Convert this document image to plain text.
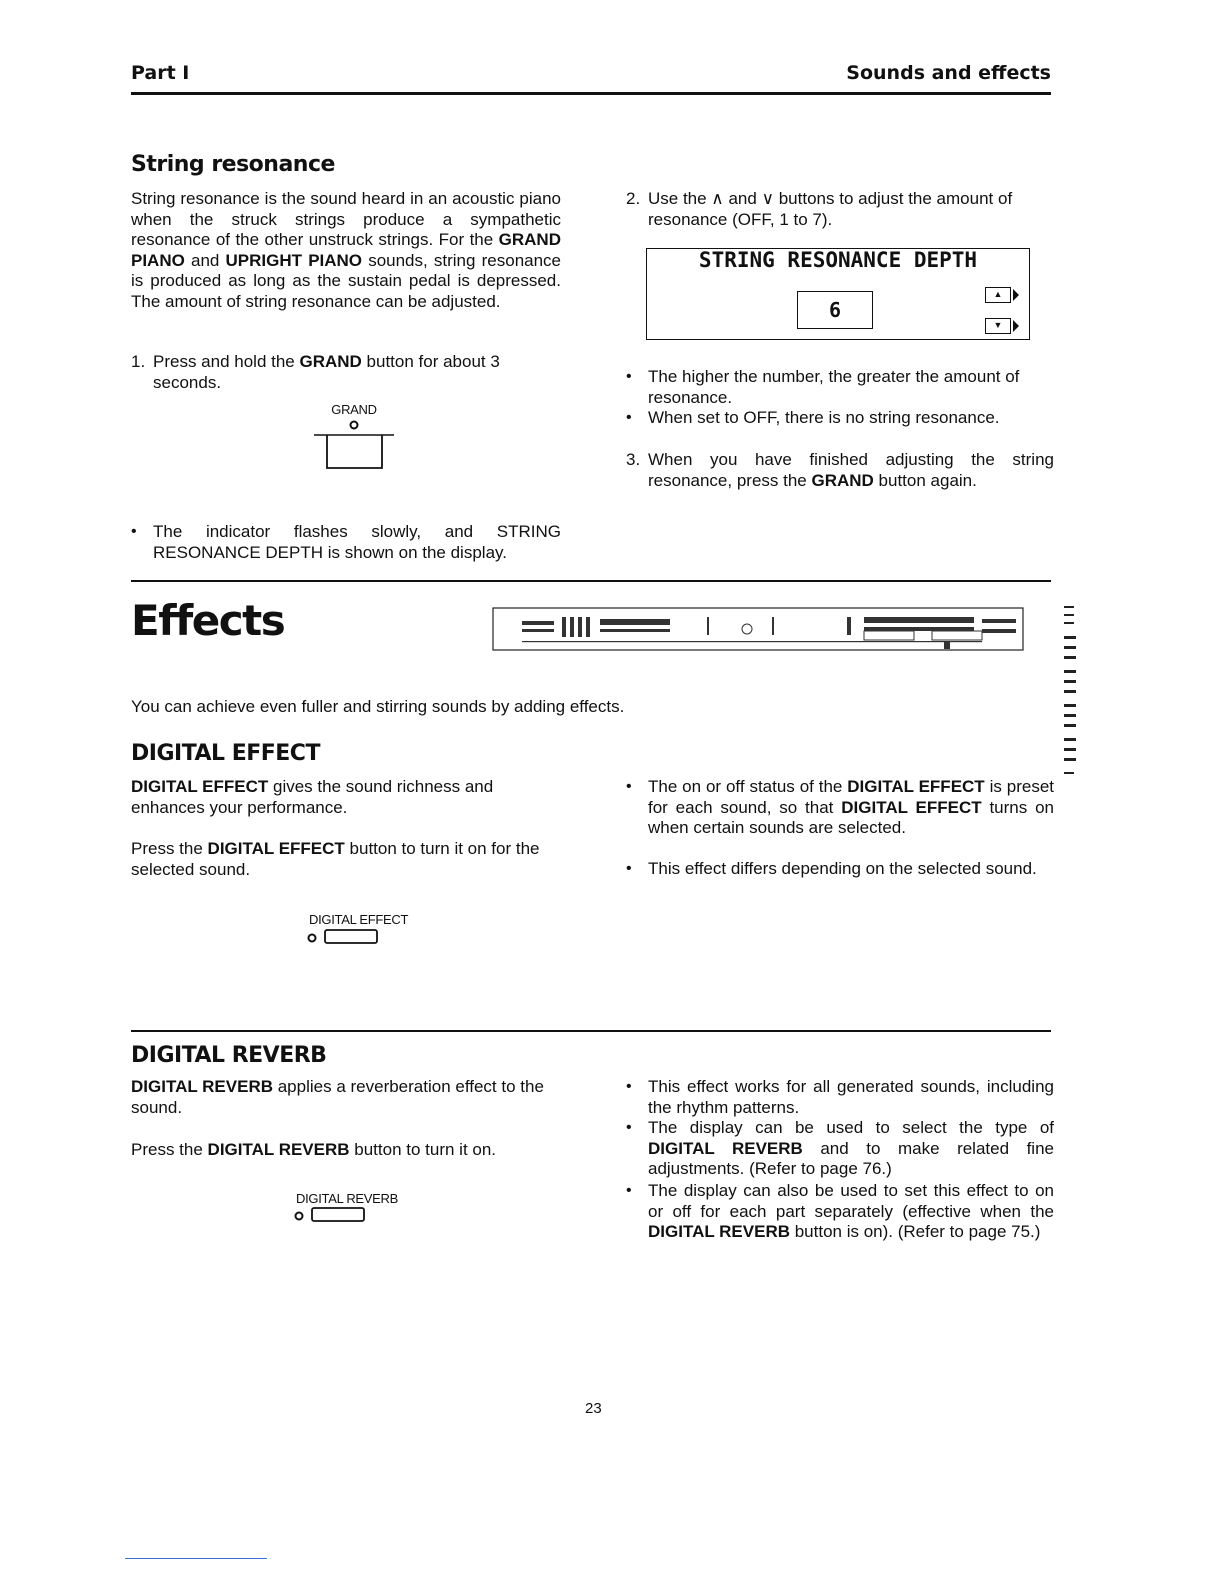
Part I	Sounds and effects
String resonance

String resonance is the sound heard in an acoustic piano when the struck strings produce a sympathetic resonance of the other unstruck strings. For the GRAND PIANO and UPRIGHT PIANO sounds, string resonance is produced as long as the sustain pedal is depressed. The amount of string resonance can be adjusted.

1. Press and hold the GRAND button for about 3 seconds.
GRAND
• The indicator flashes slowly, and STRING RESONANCE DEPTH is shown on the display.
2. Use the ∧ and ∨ buttons to adjust the amount of resonance (OFF, 1 to 7).
STRING RESONANCE DEPTH
6
▲
▼
• The higher the number, the greater the amount of resonance.
• When set to OFF, there is no string resonance.
3. When you have finished adjusting the string resonance, press the GRAND button again.
Effects

You can achieve even fuller and stirring sounds by adding effects.

DIGITAL EFFECT

DIGITAL EFFECT gives the sound richness and enhances your performance.

Press the DIGITAL EFFECT button to turn it on for the selected sound.

DIGITAL EFFECT
• The on or off status of the DIGITAL EFFECT is preset for each sound, so that DIGITAL EFFECT turns on when certain sounds are selected.
• This effect differs depending on the selected sound.
DIGITAL REVERB

DIGITAL REVERB applies a reverberation effect to the sound.

Press the DIGITAL REVERB button to turn it on.

DIGITAL REVERB
• This effect works for all generated sounds, including the rhythm patterns.
• The display can be used to select the type of DIGITAL REVERB and to make related fine adjustments. (Refer to page 76.)
• The display can also be used to set this effect to on or off for each part separately (effective when the DIGITAL REVERB button is on). (Refer to page 75.)
23
